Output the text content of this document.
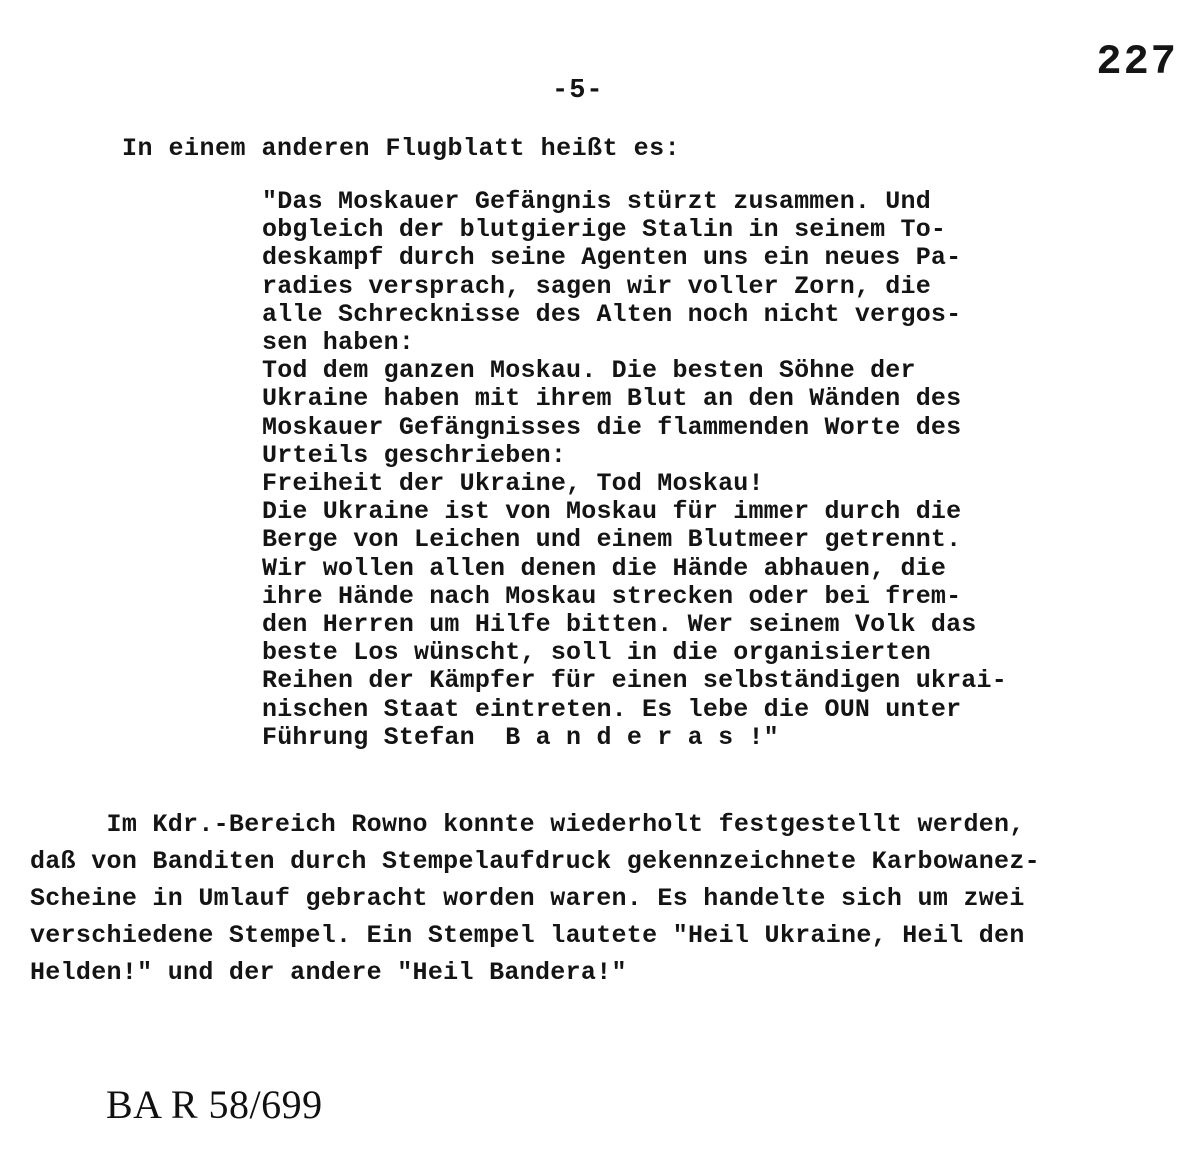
227
-5-
In einem anderen Flugblatt heißt es:
"Das Moskauer Gefängnis stürzt zusammen. Und
obgleich der blutgierige Stalin in seinem To-
deskampf durch seine Agenten uns ein neues Pa-
radies versprach, sagen wir voller Zorn, die
alle Schrecknisse des Alten noch nicht vergos-
sen haben:
Tod dem ganzen Moskau. Die besten Söhne der
Ukraine haben mit ihrem Blut an den Wänden des
Moskauer Gefängnisses die flammenden Worte des
Urteils geschrieben:
Freiheit der Ukraine, Tod Moskau!
Die Ukraine ist von Moskau für immer durch die
Berge von Leichen und einem Blutmeer getrennt.
Wir wollen allen denen die Hände abhauen, die
ihre Hände nach Moskau strecken oder bei frem-
den Herren um Hilfe bitten. Wer seinem Volk das
beste Los wünscht, soll in die organisierten
Reihen der Kämpfer für einen selbständigen ukrai-
nischen Staat eintreten. Es lebe die OUN unter
Führung Stefan  B a n d e r a s !"
Im Kdr.-Bereich Rowno konnte wiederholt festgestellt werden,
daß von Banditen durch Stempelaufdruck gekennzeichnete Karbowanez-
Scheine in Umlauf gebracht worden waren. Es handelte sich um zwei
verschiedene Stempel. Ein Stempel lautete "Heil Ukraine, Heil den
Helden!" und der andere "Heil Bandera!"
BA R 58/699
